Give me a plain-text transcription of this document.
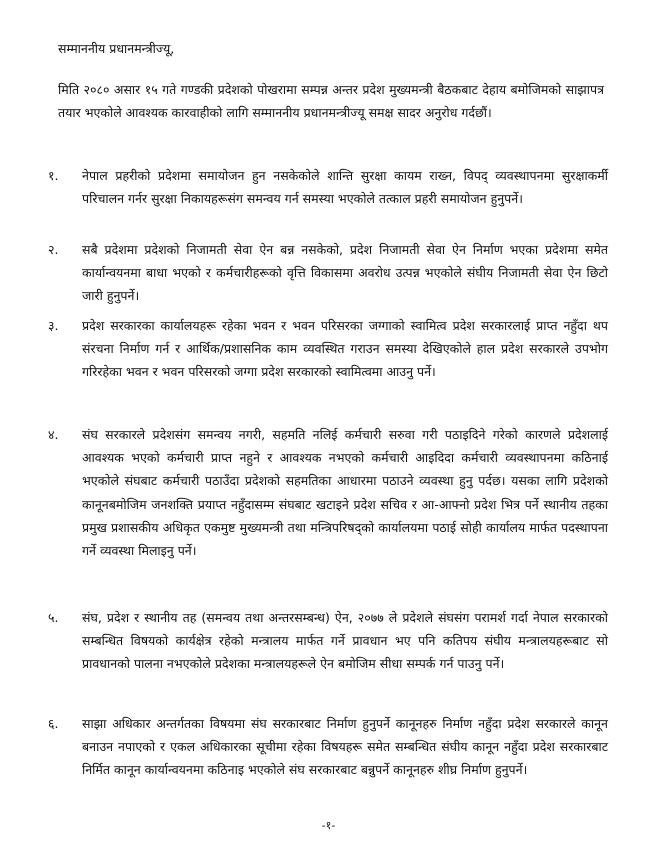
सम्माननीय प्रधानमन्त्रीज्यू,
मिति २०८० असार १५ गते गण्डकी प्रदेशको पोखरामा सम्पन्न अन्तर प्रदेश मुख्यमन्त्री बैठकबाट देहाय बमोजिमको साझापत्र तयार भएकोले आवश्यक कारवाहीको लागि सम्माननीय प्रधानमन्त्रीज्यू समक्ष सादर अनुरोध गर्दछौं।
१.	नेपाल प्रहरीको प्रदेशमा समायोजन हुन नसकेकोले शान्ति सुरक्षा कायम राख्न, विपद् व्यवस्थापनमा सुरक्षाकर्मी परिचालन गर्नर सुरक्षा निकायहरूसंग समन्वय गर्न समस्या भएकोले तत्काल प्रहरी समायोजन हुनुपर्ने।
२.	सबै प्रदेशमा प्रदेशको निजामती सेवा ऐन बन्न नसकेको, प्रदेश निजामती सेवा ऐन निर्माण भएका प्रदेशमा समेत कार्यान्वयनमा बाधा भएको र कर्मचारीहरूको वृत्ति विकासमा अवरोध उत्पन्न भएकोले संघीय निजामती सेवा ऐन छिटो जारी हुनुपर्ने।
३.	प्रदेश सरकारका कार्यालयहरू रहेका भवन र भवन परिसरका जग्गाको स्वामित्व प्रदेश सरकारलाई प्राप्त नहुँदा थप संरचना निर्माण गर्न र आर्थिक/प्रशासनिक काम व्यवस्थित गराउन समस्या देखिएकोले हाल प्रदेश सरकारले उपभोग गरिरहेका भवन र भवन परिसरको जग्गा प्रदेश सरकारको स्वामित्वमा आउनु पर्ने।
४.	संघ सरकारले प्रदेशसंग समन्वय नगरी, सहमति नलिई कर्मचारी सरुवा गरी पठाइदिने गरेको कारणले प्रदेशलाई आवश्यक भएको कर्मचारी प्राप्त नहुने र आवश्यक नभएको कर्मचारी आइदिदा कर्मचारी व्यवस्थापनमा कठिनाई भएकोले संघबाट कर्मचारी पठाउँदा प्रदेशको सहमतिका आधारमा पठाउने व्यवस्था हुनु पर्दछ। यसका लागि प्रदेशको कानूनबमोजिम जनशक्ति प्रयाप्त नहुँदासम्म संघबाट खटाइने प्रदेश सचिव र आ-आफ्नो प्रदेश भित्र पर्ने स्थानीय तहका प्रमुख प्रशासकीय अधिकृत एकमुष्ट मुख्यमन्त्री तथा मन्त्रिपरिषद्को कार्यालयमा पठाई सोही कार्यालय मार्फत पदस्थापना गर्ने व्यवस्था मिलाइनु पर्ने।
५.	संघ, प्रदेश र स्थानीय तह (समन्वय तथा अन्तरसम्बन्ध) ऐन, २०७७ ले प्रदेशले संघसंग परामर्श गर्दा नेपाल सरकारको सम्बन्धित विषयको कार्यक्षेत्र रहेको मन्त्रालय मार्फत गर्ने प्रावधान भए पनि कतिपय संघीय मन्त्रालयहरूबाट सो प्रावधानको पालना नभएकोले प्रदेशका मन्त्रालयहरूले ऐन बमोजिम सीधा सम्पर्क गर्न पाउनु पर्ने।
६.	साझा अधिकार अन्तर्गतका विषयमा संघ सरकारबाट निर्माण हुनुपर्ने कानूनहरु निर्माण नहुँदा प्रदेश सरकारले कानून बनाउन नपाएको र एकल अधिकारका सूचीमा रहेका विषयहरू समेत सम्बन्धित संघीय कानून नहुँदा प्रदेश सरकारबाट निर्मित कानून कार्यान्वयनमा कठिनाइ भएकोले संघ सरकारबाट बन्नुपर्ने कानूनहरु शीघ्र निर्माण हुनुपर्ने।
-१-
